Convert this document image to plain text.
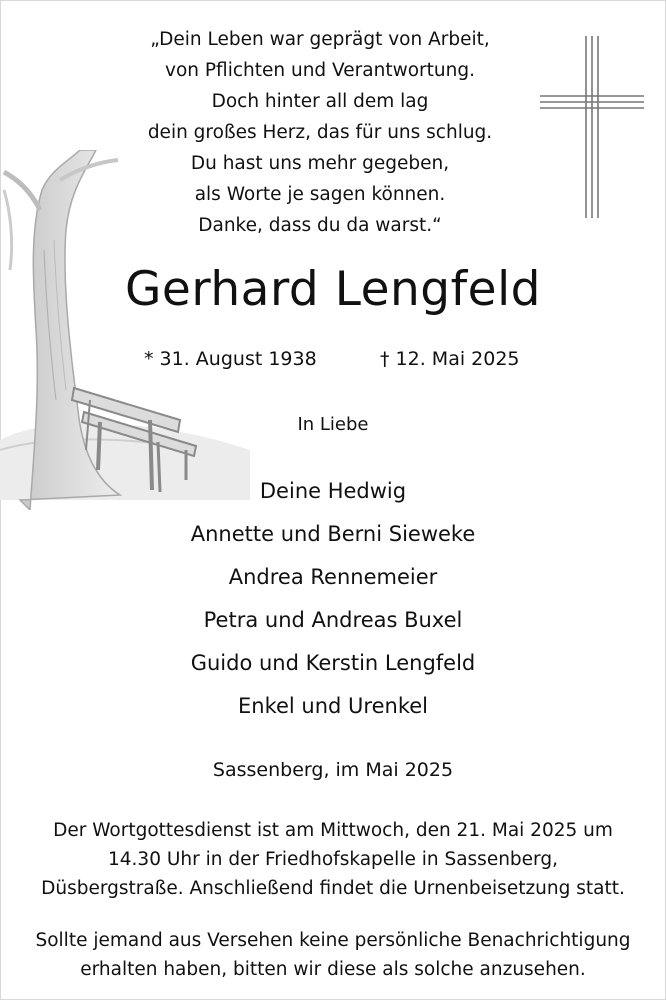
„Dein Leben war geprägt von Arbeit,
von Pflichten und Verantwortung.
Doch hinter all dem lag
dein großes Herz, das für uns schlug.
Du hast uns mehr gegeben,
als Worte je sagen können.
Danke, dass du da warst.“
Gerhard Lengfeld
* 31. August 1938	† 12. Mai 2025
In Liebe
Deine Hedwig
Annette und Berni Sieweke
Andrea Rennemeier
Petra und Andreas Buxel
Guido und Kerstin Lengfeld
Enkel und Urenkel
Sassenberg, im Mai 2025
Der Wortgottesdienst ist am Mittwoch, den 21. Mai 2025 um
14.30 Uhr in der Friedhofskapelle in Sassenberg,
Düsbergstraße. Anschließend findet die Urnenbeisetzung statt.
Sollte jemand aus Versehen keine persönliche Benachrichtigung
erhalten haben, bitten wir diese als solche anzusehen.
